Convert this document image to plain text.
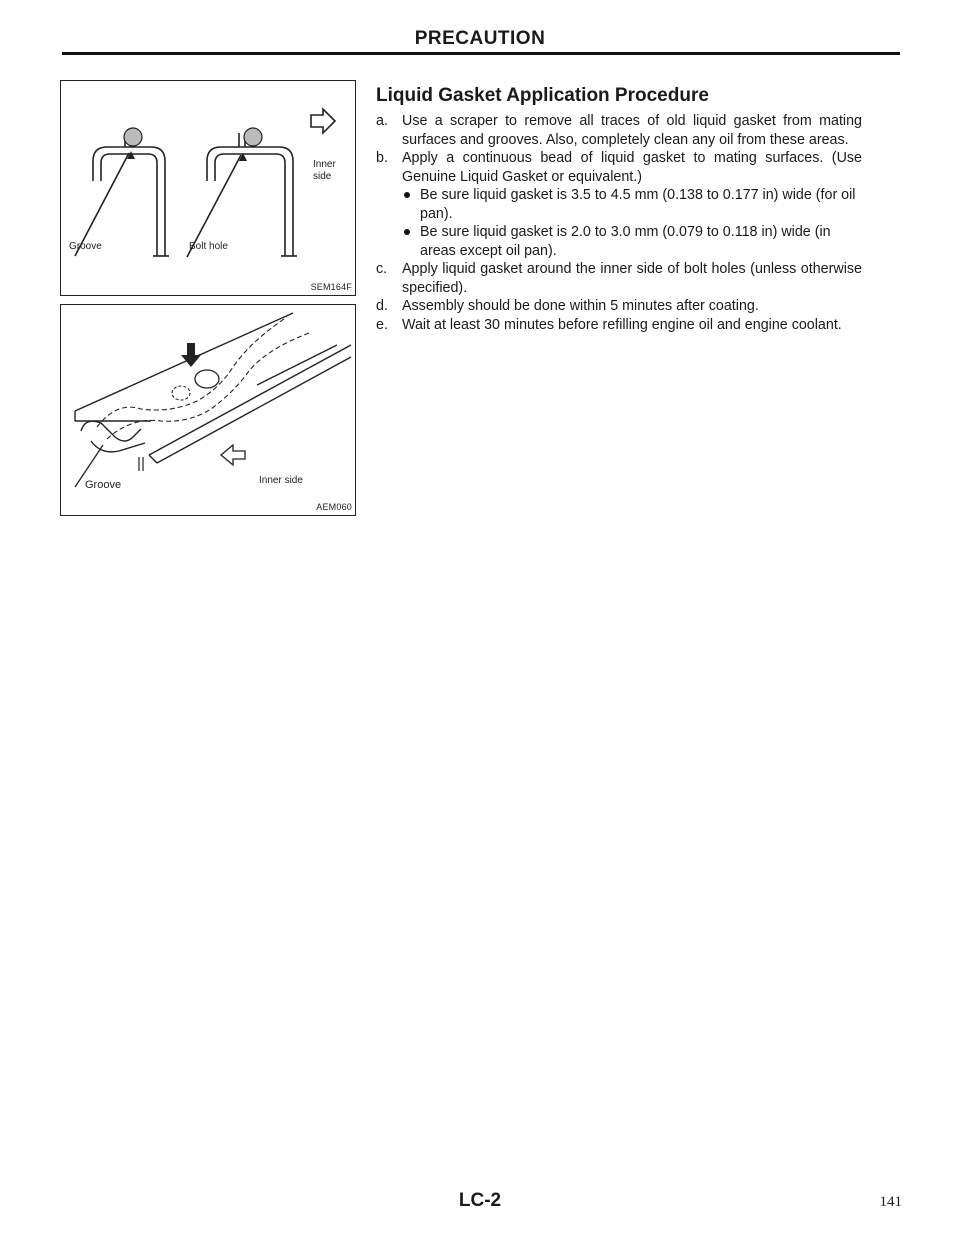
PRECAUTION
Groove	Bolt hole
Inner
side
SEM164F
Groove	Inner side
AEM060
Liquid Gasket Application Procedure
a. Use a scraper to remove all traces of old liquid gasket from mating surfaces and grooves. Also, completely clean any oil from these areas.
b. Apply a continuous bead of liquid gasket to mating surfaces. (Use Genuine Liquid Gasket or equivalent.)
Be sure liquid gasket is 3.5 to 4.5 mm (0.138 to 0.177 in) wide (for oil pan).
Be sure liquid gasket is 2.0 to 3.0 mm (0.079 to 0.118 in) wide (in areas except oil pan).
c. Apply liquid gasket around the inner side of bolt holes (unless otherwise specified).
d. Assembly should be done within 5 minutes after coating.
e. Wait at least 30 minutes before refilling engine oil and engine coolant.
LC-2	141
